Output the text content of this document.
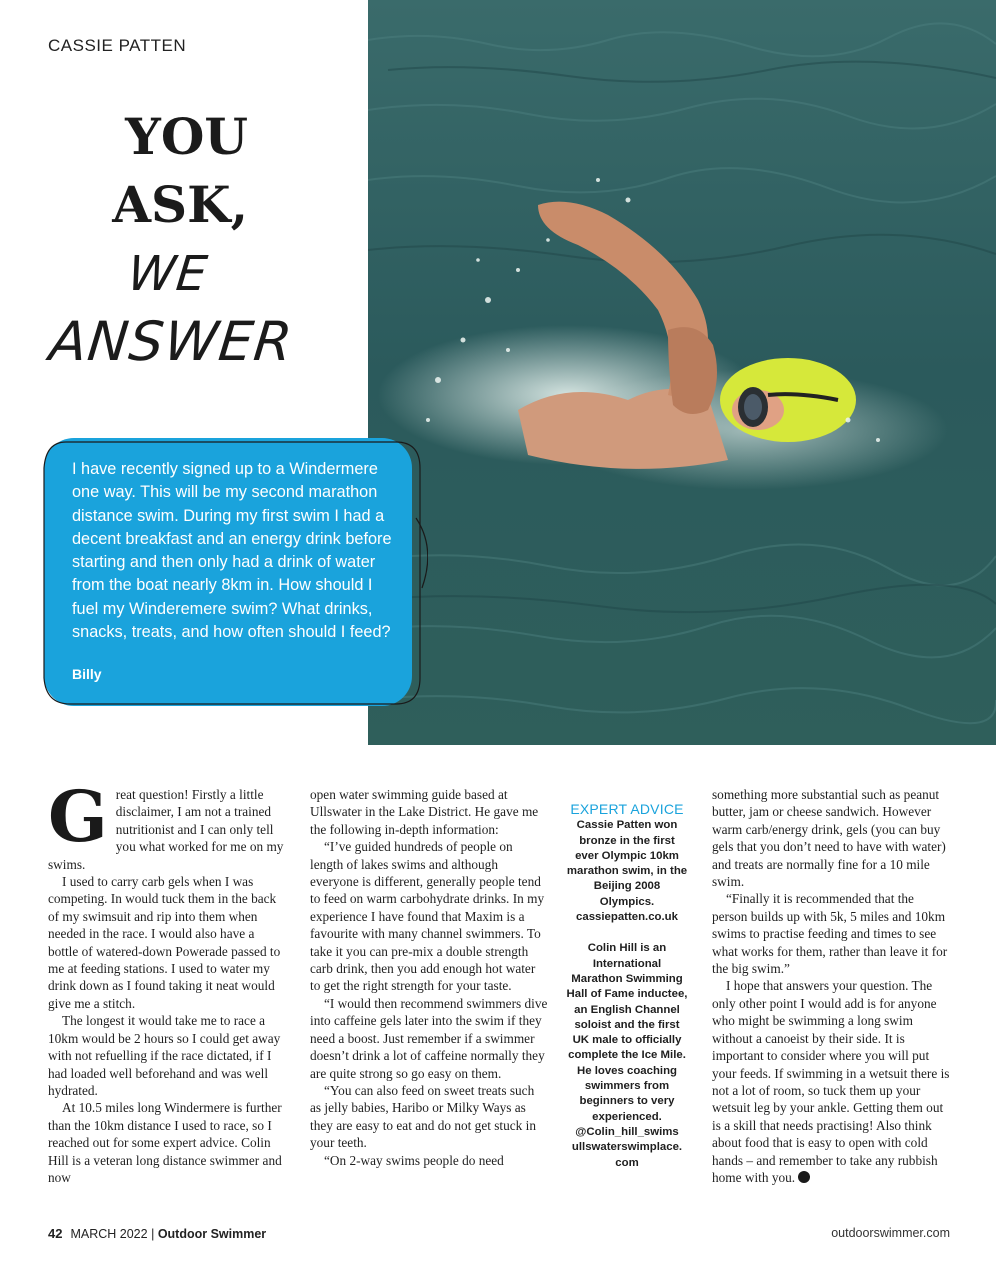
CASSIE PATTEN
YOU
ASK,
WE
ANSWER
I have recently signed up to a Windermere one way. This will be my second marathon distance swim. During my first swim I had a decent breakfast and an energy drink before starting and then only had a drink of water from the boat nearly 8km in. How should I fuel my Winderemere swim? What drinks, snacks, treats, and how often should I feed?
Billy
G reat question! Firstly a little disclaimer, I am not a trained nutritionist and I can only tell you what worked for me on my swims.

I used to carry carb gels when I was competing. In would tuck them in the back of my swimsuit and rip into them when needed in the race. I would also have a bottle of watered-down Powerade passed to me at feeding stations. I used to water my drink down as I found taking it neat would give me a stitch.

The longest it would take me to race a 10km would be 2 hours so I could get away with not refuelling if the race dictated, if I had loaded well beforehand and was well hydrated.

At 10.5 miles long Windermere is further than the 10km distance I used to race, so I reached out for some expert advice. Colin Hill is a veteran long distance swimmer and now

open water swimming guide based at Ullswater in the Lake District. He gave me the following in-depth information:

“I’ve guided hundreds of people on length of lakes swims and although everyone is different, generally people tend to feed on warm carbohydrate drinks. In my experience I have found that Maxim is a favourite with many channel swimmers. To take it you can pre-mix a double strength carb drink, then you add enough hot water to get the right strength for your taste.

“I would then recommend swimmers dive into caffeine gels later into the swim if they need a boost. Just remember if a swimmer doesn’t drink a lot of caffeine normally they are quite strong so go easy on them.

“You can also feed on sweet treats such as jelly babies, Haribo or Milky Ways as they are easy to eat and do not get stuck in your teeth.

“On 2-way swims people do need

EXPERT ADVICE

Cassie Patten won bronze in the first ever Olympic 10km marathon swim, in the Beijing 2008 Olympics. cassiepatten.co.uk

Colin Hill is an International Marathon Swimming Hall of Fame inductee, an English Channel soloist and the first UK male to officially complete the Ice Mile. He loves coaching swimmers from beginners to very experienced. @Colin_hill_swims ullswaterswimplace. com

something more substantial such as peanut butter, jam or cheese sandwich. However warm carb/energy drink, gels (you can buy gels that you don’t need to have with water) and treats are normally fine for a 10 mile swim.

“Finally it is recommended that the person builds up with 5k, 5 miles and 10km swims to practise feeding and times to see what works for them, rather than leave it for the big swim.”

I hope that answers your question. The only other point I would add is for anyone who might be swimming a long swim without a canoeist by their side. It is important to consider where you will put your feeds. If swimming in a wetsuit there is not a lot of room, so tuck them up your wetsuit leg by your ankle. Getting them out is a skill that needs practising! Also think about food that is easy to open with cold hands – and remember to take any rubbish home with you.

42 MARCH 2022 | Outdoor Swimmer	outdoorswimmer.com
